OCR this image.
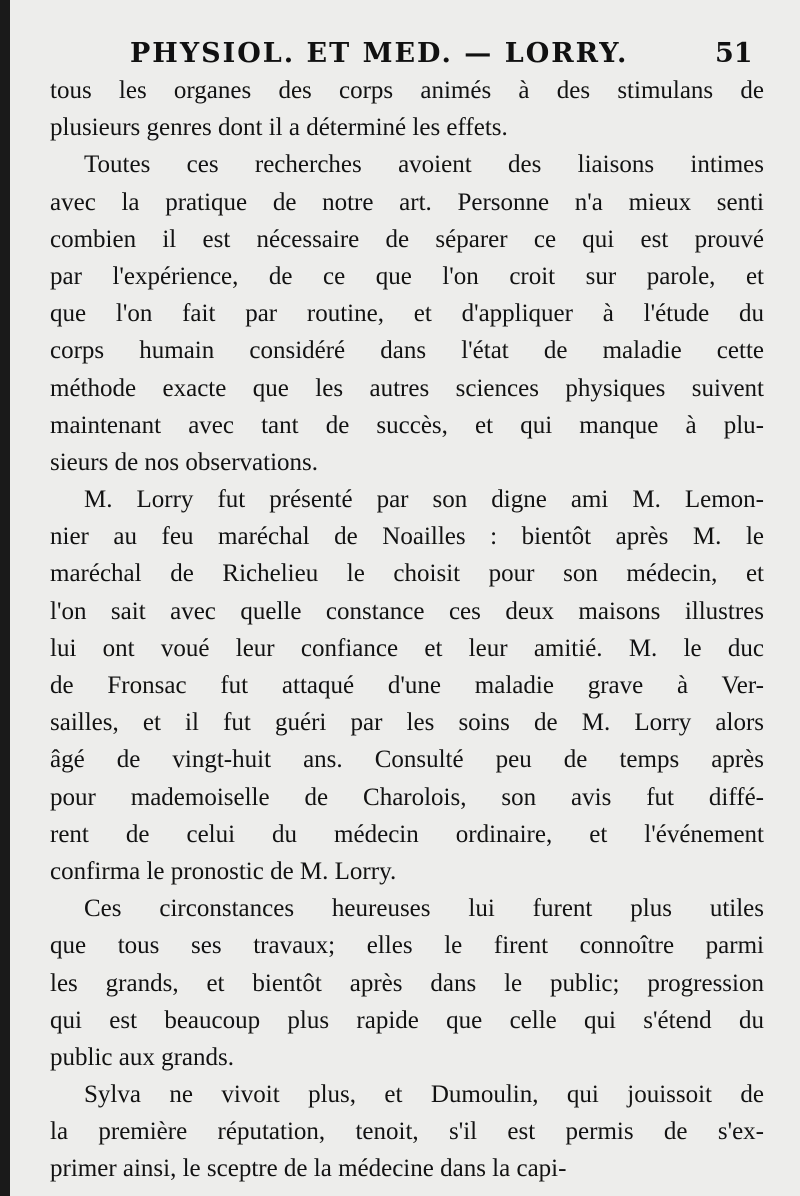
PHYSIOL. ET MED. — LORRY.	51
tous les organes des corps animés à des stimulans de
plusieurs genres dont il a déterminé les effets.
Toutes ces recherches avoient des liaisons intimes
avec la pratique de notre art. Personne n'a mieux senti
combien il est nécessaire de séparer ce qui est prouvé
par l'expérience, de ce que l'on croit sur parole, et
que l'on fait par routine, et d'appliquer à l'étude du
corps humain considéré dans l'état de maladie cette
méthode exacte que les autres sciences physiques suivent
maintenant avec tant de succès, et qui manque à plu-
sieurs de nos observations.
M. Lorry fut présenté par son digne ami M. Lemon-
nier au feu maréchal de Noailles : bientôt après M. le
maréchal de Richelieu le choisit pour son médecin, et
l'on sait avec quelle constance ces deux maisons illustres
lui ont voué leur confiance et leur amitié. M. le duc
de Fronsac fut attaqué d'une maladie grave à Ver-
sailles, et il fut guéri par les soins de M. Lorry alors
âgé de vingt-huit ans. Consulté peu de temps après
pour mademoiselle de Charolois, son avis fut diffé-
rent de celui du médecin ordinaire, et l'événement
confirma le pronostic de M. Lorry.
Ces circonstances heureuses lui furent plus utiles
que tous ses travaux; elles le firent connoître parmi
les grands, et bientôt après dans le public; progression
qui est beaucoup plus rapide que celle qui s'étend du
public aux grands.
Sylva ne vivoit plus, et Dumoulin, qui jouissoit de
la première réputation, tenoit, s'il est permis de s'ex-
primer ainsi, le sceptre de la médecine dans la capi-
